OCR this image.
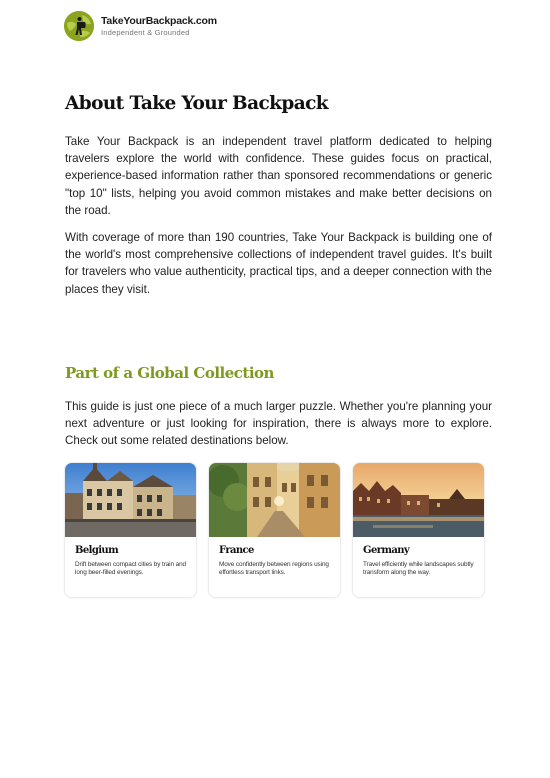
TakeYourBackpack.com
Independent & Grounded
About Take Your Backpack

Take Your Backpack is an independent travel platform dedicated to helping travelers explore the world with confidence. These guides focus on practical, experience-based information rather than sponsored recommendations or generic "top 10" lists, helping you avoid common mistakes and make better decisions on the road.

With coverage of more than 190 countries, Take Your Backpack is building one of the world's most comprehensive collections of independent travel guides. It's built for travelers who value authenticity, practical tips, and a deeper connection with the places they visit.

Part of a Global Collection

This guide is just one piece of a much larger puzzle. Whether you're planning your next adventure or just looking for inspiration, there is always more to explore. Check out some related destinations below.

Belgium

Drift between compact cities by train and long beer-filled evenings.

France

Move confidently between regions using effortless transport links.

Germany

Travel efficiently while landscapes subtly transform along the way.
